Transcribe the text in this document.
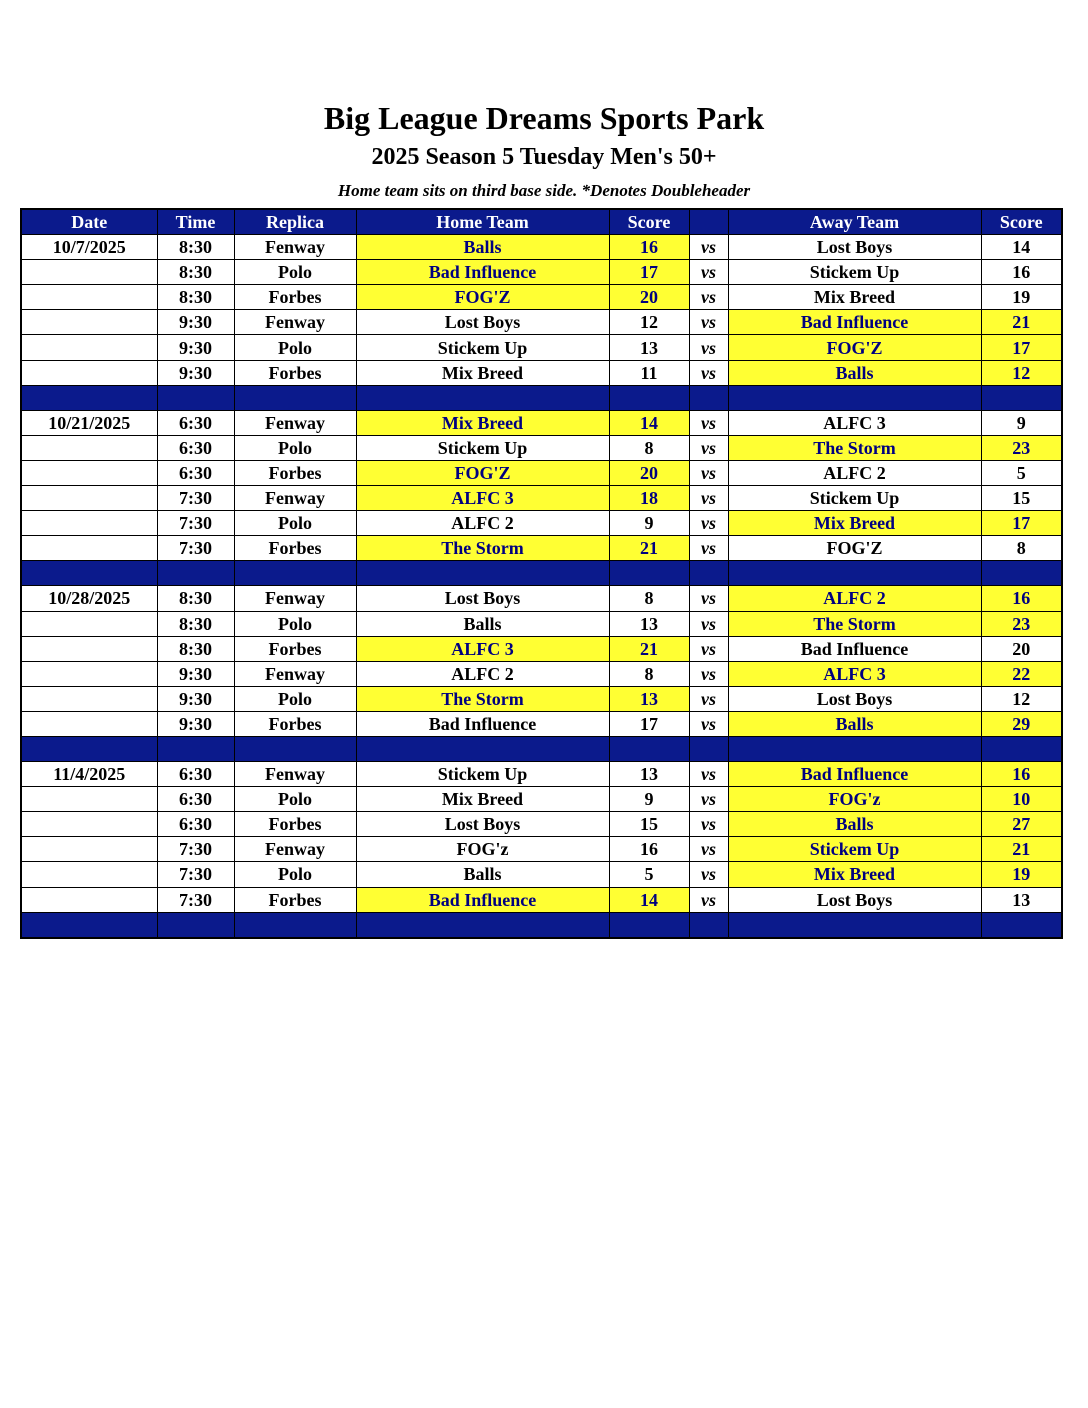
Big League Dreams Sports Park
2025 Season 5 Tuesday Men's 50+
Home team sits on third base side. *Denotes Doubleheader
Date	Time	Replica	Home Team	Score		Away Team	Score
10/7/2025	8:30	Fenway	Balls	16	vs	Lost Boys	14
	8:30	Polo	Bad Influence	17	vs	Stickem Up	16
	8:30	Forbes	FOG'Z	20	vs	Mix Breed	19
	9:30	Fenway	Lost Boys	12	vs	Bad Influence	21
	9:30	Polo	Stickem Up	13	vs	FOG'Z	17
	9:30	Forbes	Mix Breed	11	vs	Balls	12

10/21/2025	6:30	Fenway	Mix Breed	14	vs	ALFC 3	9
	6:30	Polo	Stickem Up	8	vs	The Storm	23
	6:30	Forbes	FOG'Z	20	vs	ALFC 2	5
	7:30	Fenway	ALFC 3	18	vs	Stickem Up	15
	7:30	Polo	ALFC 2	9	vs	Mix Breed	17
	7:30	Forbes	The Storm	21	vs	FOG'Z	8

10/28/2025	8:30	Fenway	Lost Boys	8	vs	ALFC 2	16
	8:30	Polo	Balls	13	vs	The Storm	23
	8:30	Forbes	ALFC 3	21	vs	Bad Influence	20
	9:30	Fenway	ALFC 2	8	vs	ALFC 3	22
	9:30	Polo	The Storm	13	vs	Lost Boys	12
	9:30	Forbes	Bad Influence	17	vs	Balls	29

11/4/2025	6:30	Fenway	Stickem Up	13	vs	Bad Influence	16
	6:30	Polo	Mix Breed	9	vs	FOG'z	10
	6:30	Forbes	Lost Boys	15	vs	Balls	27
	7:30	Fenway	FOG'z	16	vs	Stickem Up	21
	7:30	Polo	Balls	5	vs	Mix Breed	19
	7:30	Forbes	Bad Influence	14	vs	Lost Boys	13
